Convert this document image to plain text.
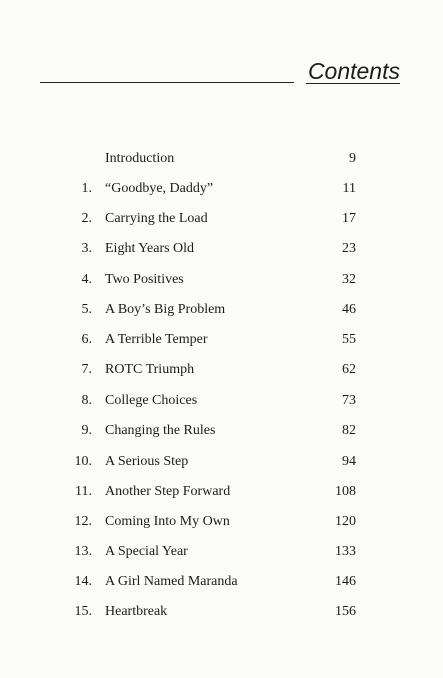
Contents
Introduction	9
1. “Goodbye, Daddy”	11
2. Carrying the Load	17
3. Eight Years Old	23
4. Two Positives	32
5. A Boy’s Big Problem	46
6. A Terrible Temper	55
7. ROTC Triumph	62
8. College Choices	73
9. Changing the Rules	82
10. A Serious Step	94
11. Another Step Forward	108
12. Coming Into My Own	120
13. A Special Year	133
14. A Girl Named Maranda	146
15. Heartbreak	156
